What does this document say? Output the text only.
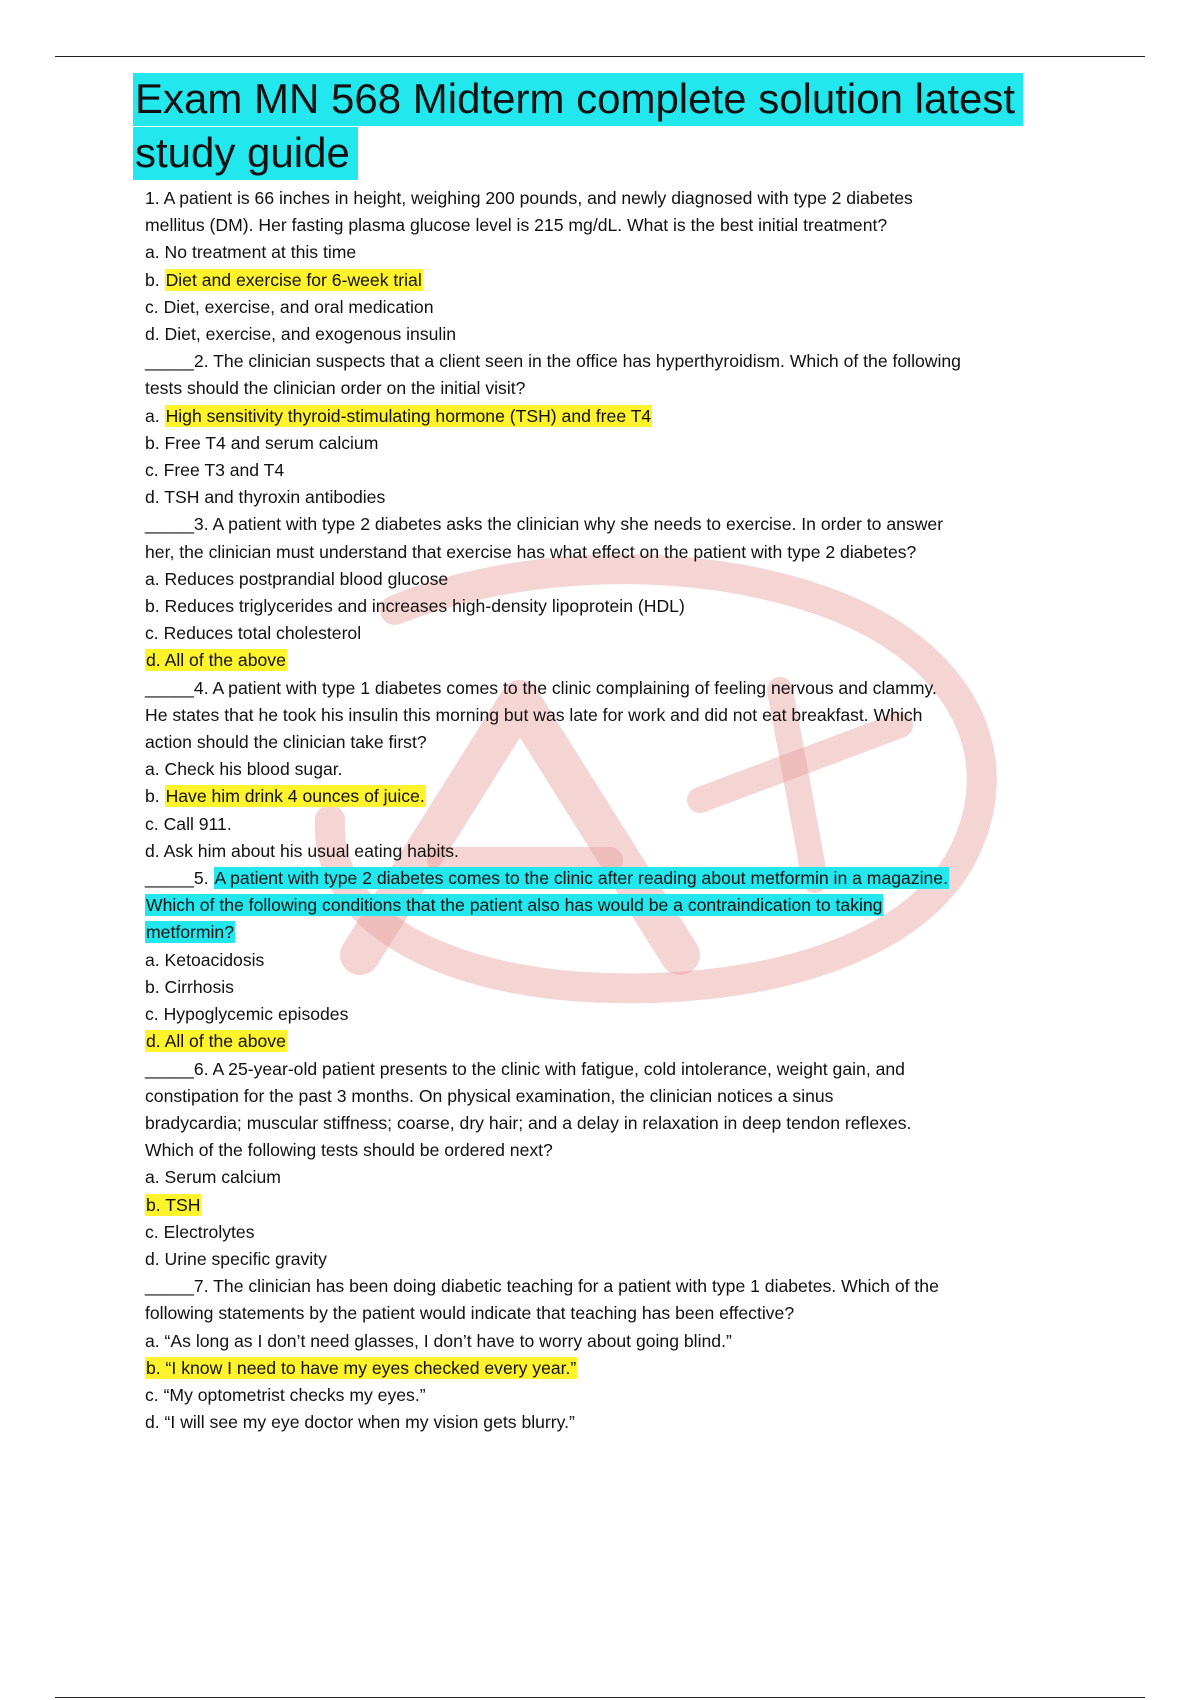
Exam MN 568 Midterm complete solution latest
study guide

1. A patient is 66 inches in height, weighing 200 pounds, and newly diagnosed with type 2 diabetes

mellitus (DM). Her fasting plasma glucose level is 215 mg/dL. What is the best initial treatment?

a. No treatment at this time

b. Diet and exercise for 6-week trial

c. Diet, exercise, and oral medication

d. Diet, exercise, and exogenous insulin

_____2. The clinician suspects that a client seen in the office has hyperthyroidism. Which of the following

tests should the clinician order on the initial visit?

a. High sensitivity thyroid-stimulating hormone (TSH) and free T4

b. Free T4 and serum calcium

c. Free T3 and T4

d. TSH and thyroxin antibodies

_____3. A patient with type 2 diabetes asks the clinician why she needs to exercise. In order to answer

her, the clinician must understand that exercise has what effect on the patient with type 2 diabetes?

a. Reduces postprandial blood glucose

b. Reduces triglycerides and increases high-density lipoprotein (HDL)

c. Reduces total cholesterol

d. All of the above

_____4. A patient with type 1 diabetes comes to the clinic complaining of feeling nervous and clammy.

He states that he took his insulin this morning but was late for work and did not eat breakfast. Which

action should the clinician take first?

a. Check his blood sugar.

b. Have him drink 4 ounces of juice.

c. Call 911.

d. Ask him about his usual eating habits.

_____5. A patient with type 2 diabetes comes to the clinic after reading about metformin in a magazine.

Which of the following conditions that the patient also has would be a contraindication to taking

metformin?

a. Ketoacidosis

b. Cirrhosis

c. Hypoglycemic episodes

d. All of the above

_____6. A 25-year-old patient presents to the clinic with fatigue, cold intolerance, weight gain, and

constipation for the past 3 months. On physical examination, the clinician notices a sinus

bradycardia; muscular stiffness; coarse, dry hair; and a delay in relaxation in deep tendon reflexes.

Which of the following tests should be ordered next?

a. Serum calcium

b. TSH

c. Electrolytes

d. Urine specific gravity

_____7. The clinician has been doing diabetic teaching for a patient with type 1 diabetes. Which of the

following statements by the patient would indicate that teaching has been effective?

a. “As long as I don’t need glasses, I don’t have to worry about going blind.”

b. “I know I need to have my eyes checked every year.”

c. “My optometrist checks my eyes.”

d. “I will see my eye doctor when my vision gets blurry.”
